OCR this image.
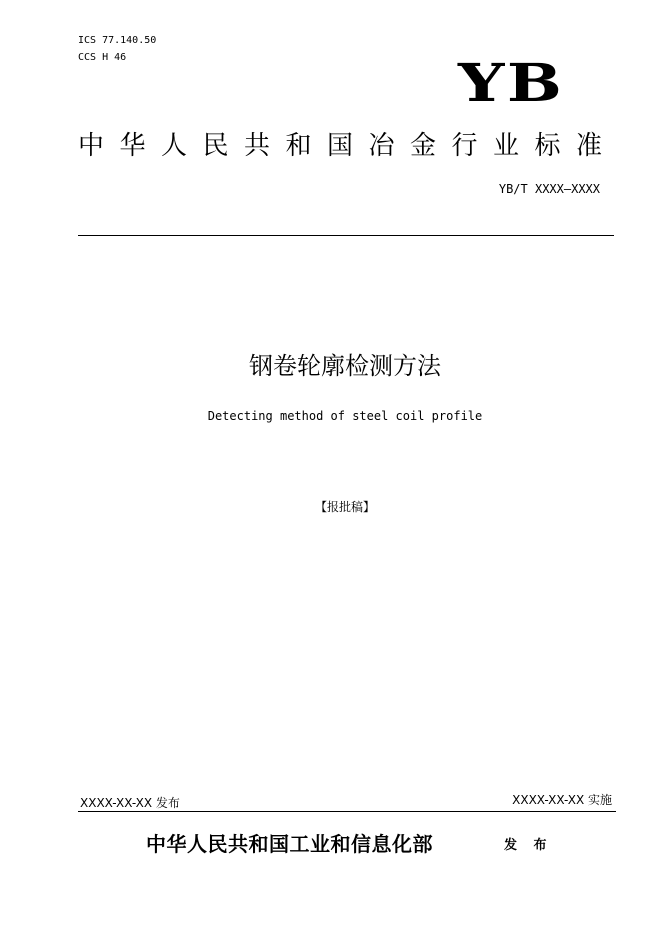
ICS 77.140.50
CCS H 46	YB
中华人民共和国冶金行业标准
YB/T XXXX—XXXX
钢卷轮廓检测方法
Detecting method of steel coil profile
【报批稿】
XXXX-XX-XX 发布	XXXX-XX-XX 实施
中华人民共和国工业和信息化部	发 布
